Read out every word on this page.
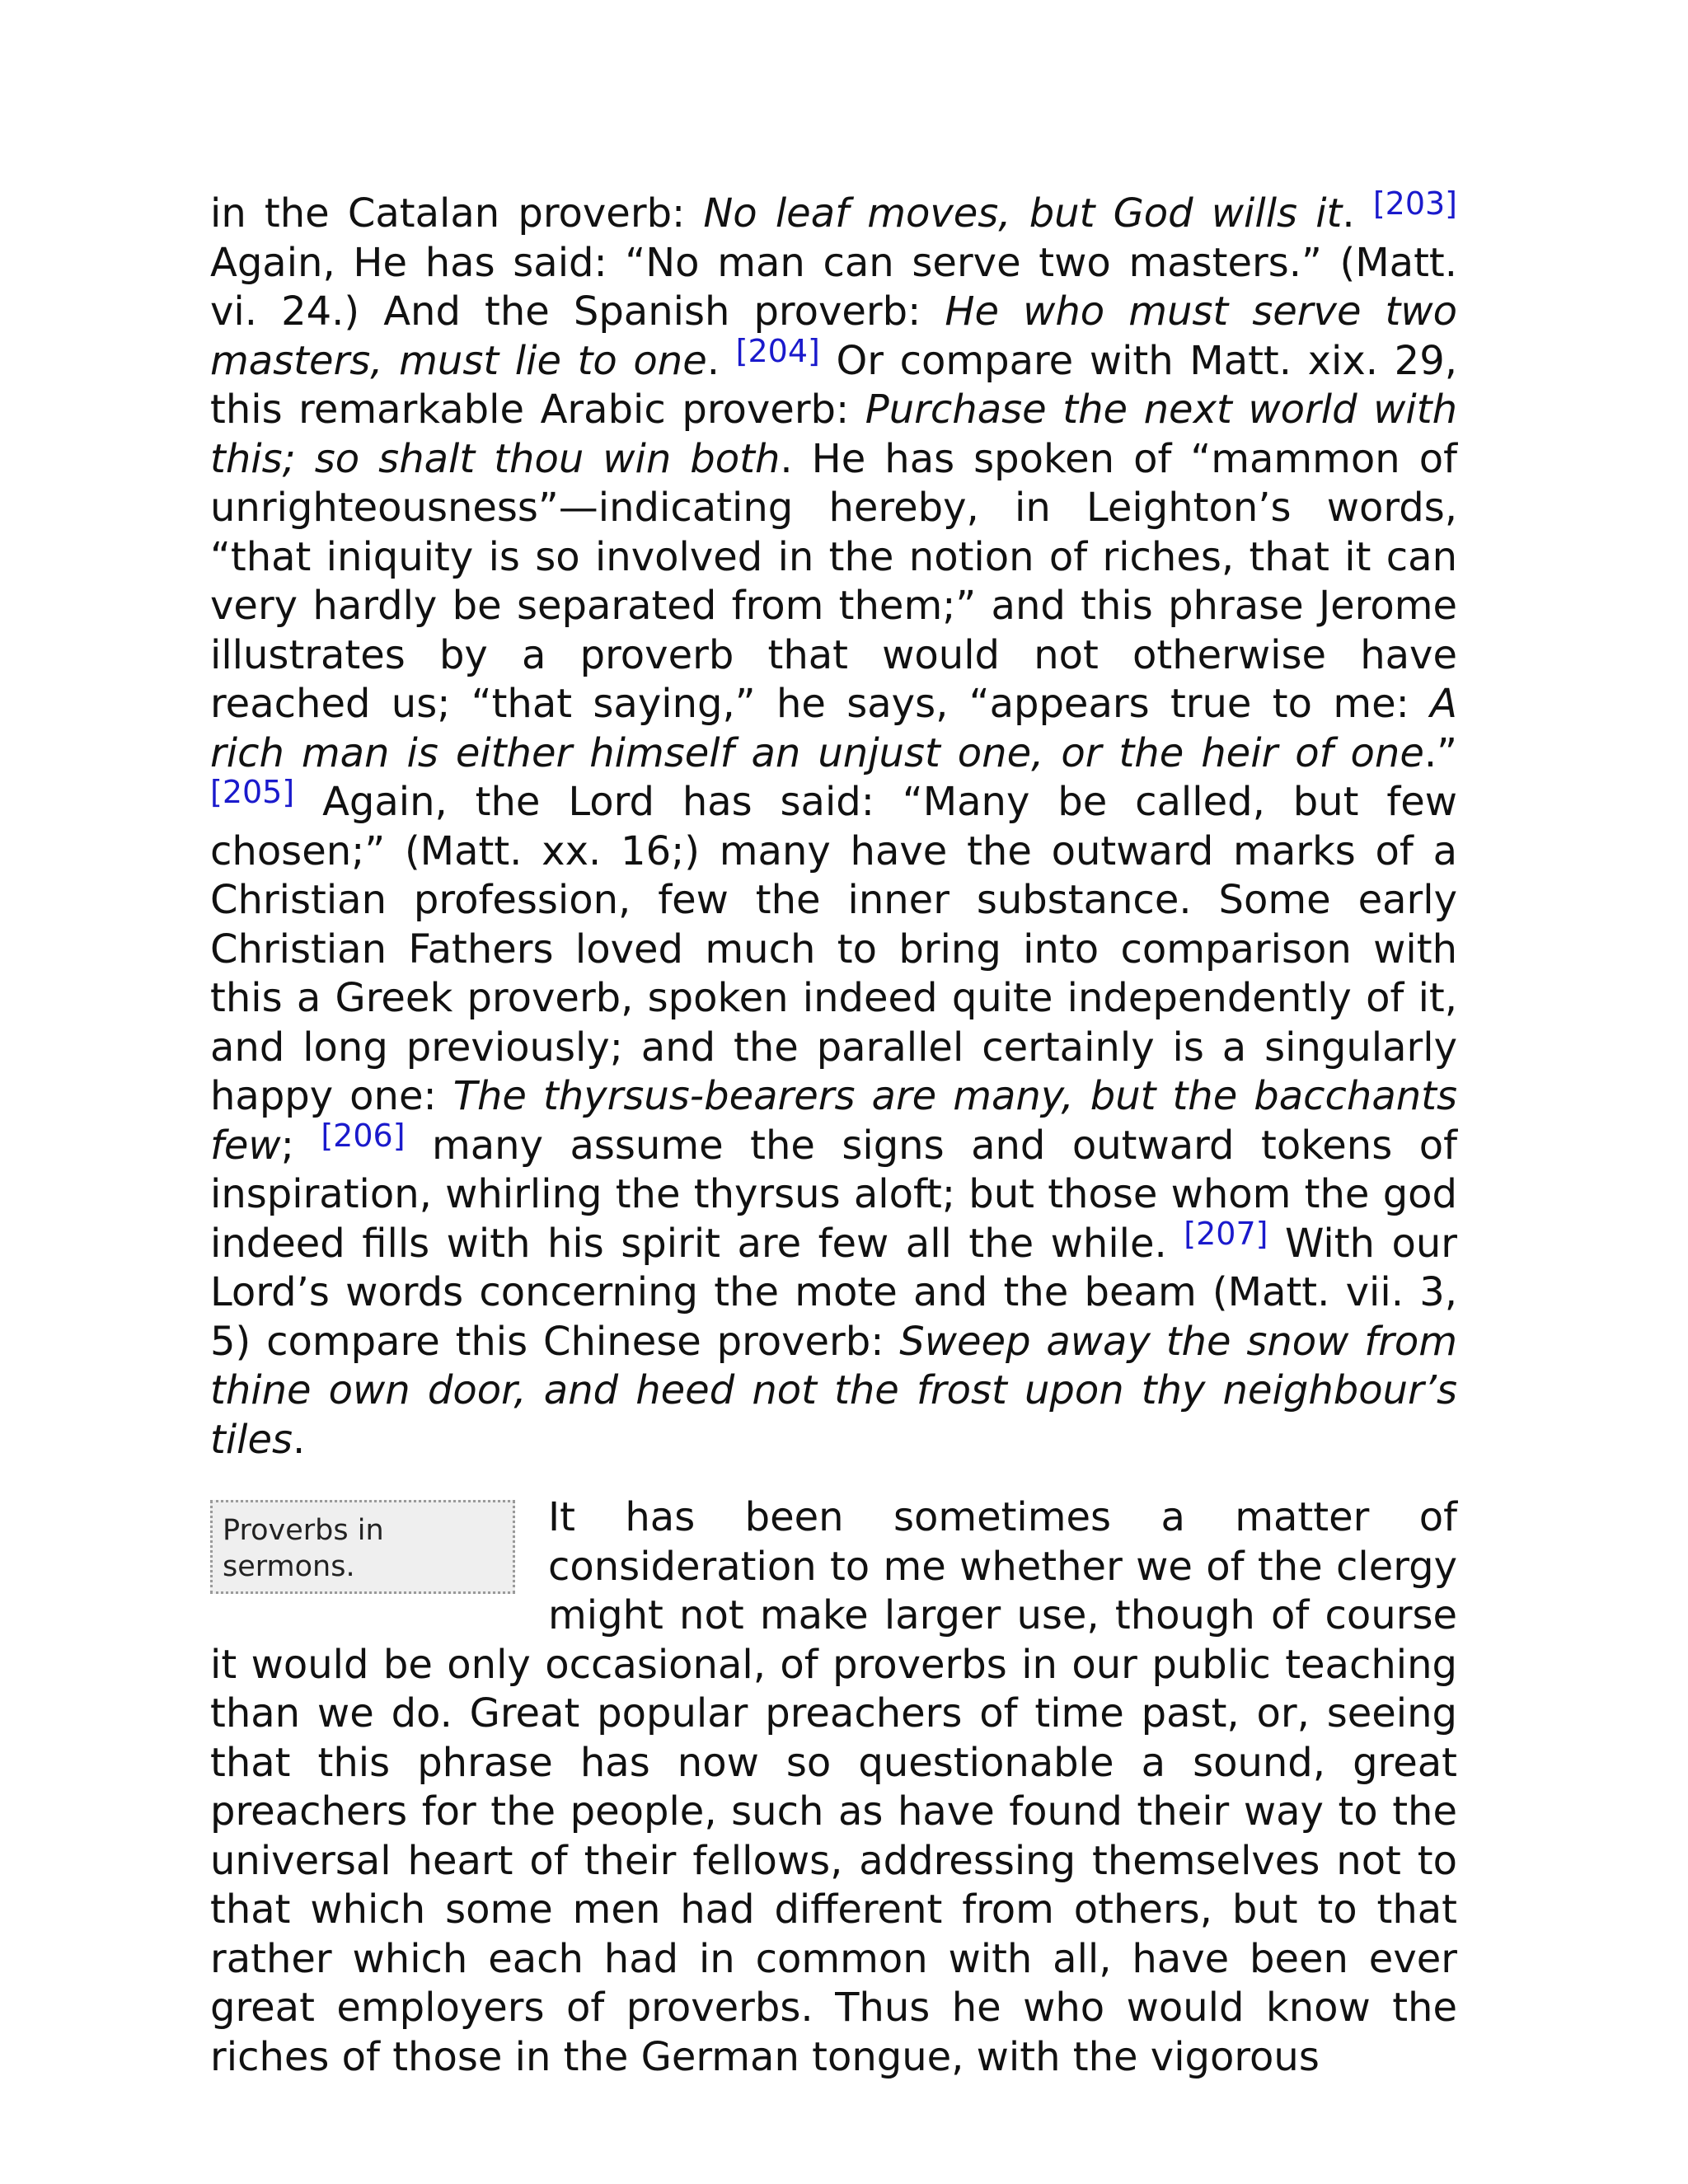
in the Catalan proverb: No leaf moves, but God wills it. [203] Again, He has said: “No man can serve two masters.” (Matt. vi. 24.) And the Spanish proverb: He who must serve two masters, must lie to one. [204] Or compare with Matt. xix. 29, this remarkable Arabic proverb: Purchase the next world with this; so shalt thou win both. He has spoken of “mammon of unrighteousness”—indicating hereby, in Leighton’s words, “that iniquity is so involved in the notion of riches, that it can very hardly be separated from them;” and this phrase Jerome illustrates by a proverb that would not otherwise have reached us; “that saying,” he says, “appears true to me: A rich man is either himself an unjust one, or the heir of one.” [205] Again, the Lord has said: “Many be called, but few chosen;” (Matt. xx. 16;) many have the outward marks of a Christian profession, few the inner substance. Some early Christian Fathers loved much to bring into comparison with this a Greek proverb, spoken indeed quite independently of it, and long previously; and the parallel certainly is a singularly happy one: The thyrsus-bearers are many, but the bacchants few; [206] many assume the signs and outward tokens of inspiration, whirling the thyrsus aloft; but those whom the god indeed fills with his spirit are few all the while. [207] With our Lord’s words concerning the mote and the beam (Matt. vii. 3, 5) compare this Chinese proverb: Sweep away the snow from thine own door, and heed not the frost upon thy neighbour’s tiles.

Proverbs in sermons.

It has been sometimes a matter of consideration to me whether we of the clergy might not make larger use, though of course it would be only occasional, of proverbs in our public teaching than we do. Great popular preachers of time past, or, seeing that this phrase has now so questionable a sound, great preachers for the people, such as have found their way to the universal heart of their fellows, addressing themselves not to that which some men had different from others, but to that rather which each had in common with all, have been ever great employers of proverbs. Thus he who would know the riches of those in the German tongue, with the vigorous
